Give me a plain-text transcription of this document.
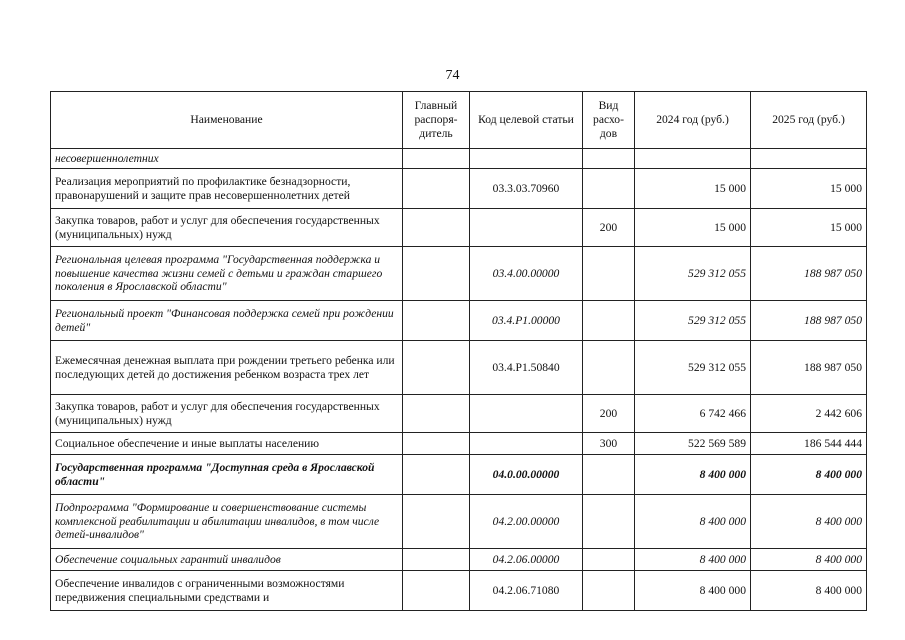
74
Наименование	Главный распоря-дитель	Код целевой статьи	Вид расхо-дов	2024 год (руб.)	2025 год (руб.)
несовершеннолетних					
Реализация мероприятий по профилактике безнадзорности, правонарушений и защите прав несовершеннолетних детей		03.3.03.70960		15 000	15 000
Закупка товаров, работ и услуг для обеспечения государственных (муниципальных) нужд			200	15 000	15 000
Региональная целевая программа "Государственная поддержка и повышение качества жизни семей с детьми и граждан старшего поколения в Ярославской области"		03.4.00.00000		529 312 055	188 987 050
Региональный проект "Финансовая поддержка семей при рождении детей"		03.4.Р1.00000		529 312 055	188 987 050
Ежемесячная денежная выплата при рождении третьего ребенка или последующих детей до достижения ребенком возраста трех лет		03.4.Р1.50840		529 312 055	188 987 050
Закупка товаров, работ и услуг для обеспечения государственных (муниципальных) нужд			200	6 742 466	2 442 606
Социальное обеспечение и иные выплаты населению			300	522 569 589	186 544 444
Государственная программа "Доступная среда в Ярославской области"		04.0.00.00000		8 400 000	8 400 000
Подпрограмма "Формирование и совершенствование системы комплексной реабилитации и абилитации инвалидов, в том числе детей-инвалидов"		04.2.00.00000		8 400 000	8 400 000
Обеспечение социальных гарантий инвалидов		04.2.06.00000		8 400 000	8 400 000
Обеспечение инвалидов с ограниченными возможностями передвижения специальными средствами и		04.2.06.71080		8 400 000	8 400 000
